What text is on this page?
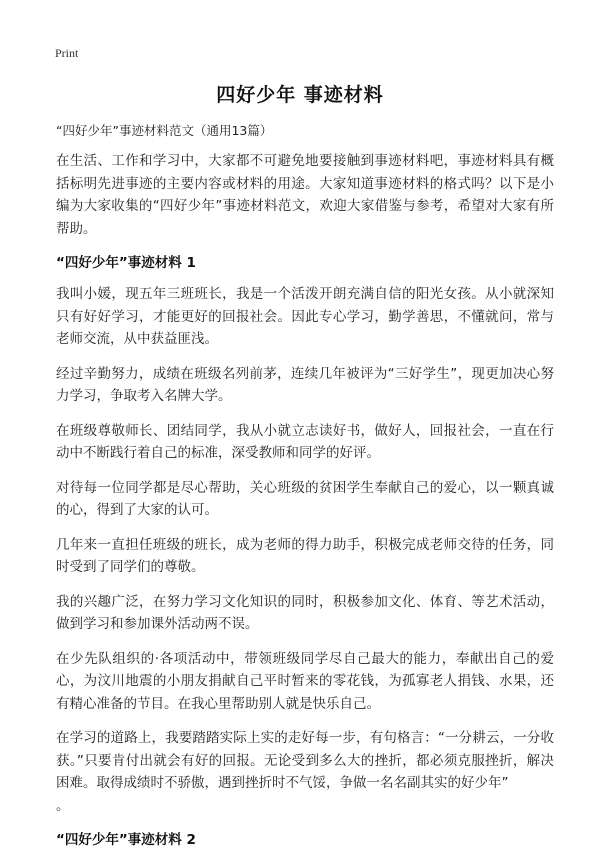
Print
四好少年 事迹材料

“四好少年”事迹材料范文（通用13篇）

在生活、工作和学习中，大家都不可避免地要接触到事迹材料吧，事迹材料具有概括标明先进事迹的主要内容或材料的用途。大家知道事迹材料的格式吗？以下是小编为大家收集的“四好少年”事迹材料范文，欢迎大家借鉴与参考，希望对大家有所帮助。

“四好少年”事迹材料 1

我叫小媛，现五年三班班长，我是一个活泼开朗充满自信的阳光女孩。从小就深知只有好好学习，才能更好的回报社会。因此专心学习，勤学善思，不懂就问，常与老师交流，从中获益匪浅。

经过辛勤努力，成绩在班级名列前茅，连续几年被评为“三好学生”，现更加决心努力学习，争取考入名牌大学。

在班级尊敬师长、团结同学，我从小就立志读好书，做好人，回报社会，一直在行动中不断践行着自己的标准，深受教师和同学的好评。

对待每一位同学都是尽心帮助，关心班级的贫困学生奉献自己的爱心，以一颗真诚的心，得到了大家的认可。

几年来一直担任班级的班长，成为老师的得力助手，积极完成老师交待的任务，同时受到了同学们的尊敬。

我的兴趣广泛，在努力学习文化知识的同时，积极参加文化、体育、等艺术活动，做到学习和参加课外活动两不误。

在少先队组织的·各项活动中，带领班级同学尽自己最大的能力，奉献出自己的爱心，为汶川地震的小朋友捐献自己平时暂来的零花钱，为孤寡老人捐钱、水果，还有精心准备的节目。在我心里帮助别人就是快乐自己。

在学习的道路上，我要踏踏实际上实的走好每一步，有句格言：“一分耕云，一分收获。”只要肯付出就会有好的回报。无论受到多么大的挫折，都必须克服挫折，解决困难。取得成绩时不骄傲，遇到挫折时不气馁，争做一名名副其实的好少年”

。

“四好少年”事迹材料 2
